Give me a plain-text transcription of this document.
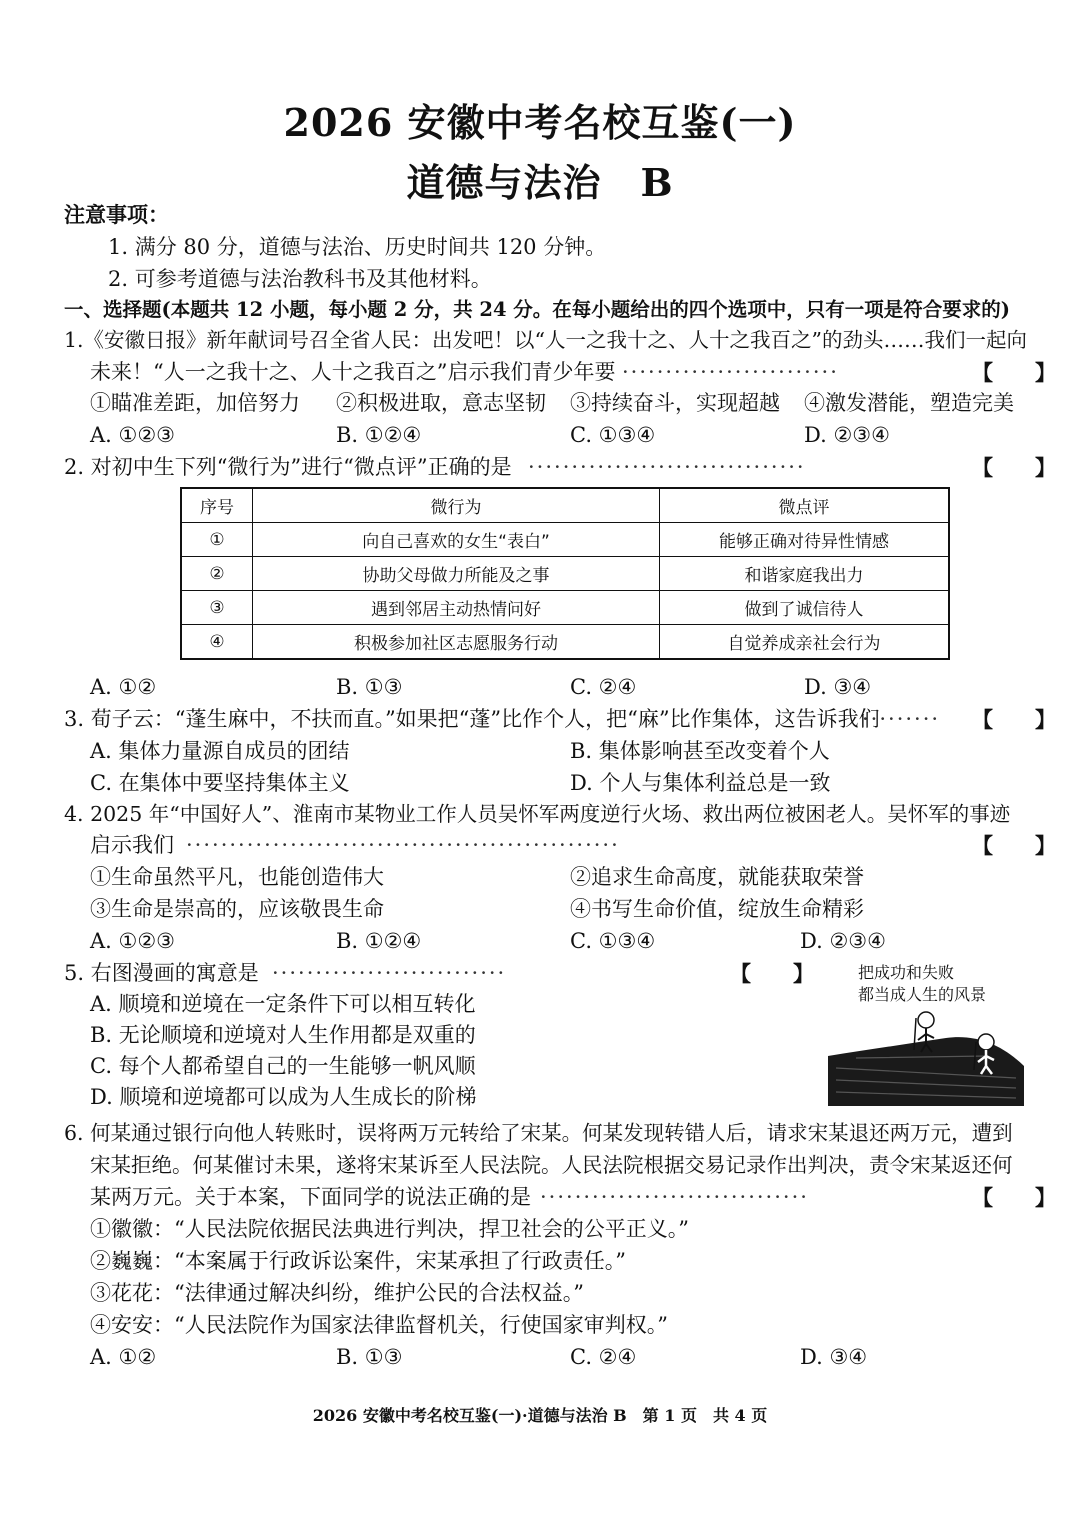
2026 安徽中考名校互鉴(一)
道德与法治　B
注意事项：
1. 满分 80 分，道德与法治、历史时间共 120 分钟。
2. 可参考道德与法治教科书及其他材料。
一、选择题(本题共 12 小题，每小题 2 分，共 24 分。在每小题给出的四个选项中，只有一项是符合要求的)
1.《安徽日报》新年献词号召全省人民：出发吧！以“人一之我十之、人十之我百之”的劲头……我们一起向
未来！“人一之我十之、人十之我百之”启示我们青少年要 ·························	【　　】
①瞄准差距，加倍努力 ②积极进取，意志坚韧 ③持续奋斗，实现超越 ④激发潜能，塑造完美
A. ①②③	B. ①②④	C. ①③④	D. ②③④
2. 对初中生下列“微行为”进行“微点评”正确的是 ································	【　　】
序号	微行为	微点评
①	向自己喜欢的女生“表白”	能够正确对待异性情感
②	协助父母做力所能及之事	和谐家庭我出力
③	遇到邻居主动热情问好	做到了诚信待人
④	积极参加社区志愿服务行动	自觉养成亲社会行为
A. ①②	B. ①③	C. ②④	D. ③④
3. 荀子云：“蓬生麻中，不扶而直。”如果把“蓬”比作个人，把“麻”比作集体，这告诉我们
········· 【　　】
A. 集体力量源自成员的团结	B. 集体影响甚至改变着个人
C. 在集体中要坚持集体主义	D. 个人与集体利益总是一致
4. 2025 年“中国好人”、淮南市某物业工作人员吴怀军两度逆行火场、救出两位被困老人。吴怀军的事迹
启示我们 ··················································	【　　】
①生命虽然平凡，也能创造伟大	②追求生命高度，就能获取荣誉
③生命是崇高的，应该敬畏生命	④书写生命价值，绽放生命精彩
A. ①②③	B. ①②④	C. ①③④	D. ②③④
5. 右图漫画的寓意是 ···························	【　　】
A. 顺境和逆境在一定条件下可以相互转化
B. 无论顺境和逆境对人生作用都是双重的
C. 每个人都希望自己的一生能够一帆风顺
D. 顺境和逆境都可以成为人生成长的阶梯
把成功和失败
都当成人生的风景
6. 何某通过银行向他人转账时，误将两万元转给了宋某。何某发现转错人后，请求宋某退还两万元，遭到
宋某拒绝。何某催讨未果，遂将宋某诉至人民法院。人民法院根据交易记录作出判决，责令宋某返还何
某两万元。关于本案，下面同学的说法正确的是 ·······························	【　　】
①徽徽：“人民法院依据民法典进行判决，捍卫社会的公平正义。”
②巍巍：“本案属于行政诉讼案件，宋某承担了行政责任。”
③花花：“法律通过解决纠纷，维护公民的合法权益。”
④安安：“人民法院作为国家法律监督机关，行使国家审判权。”
A. ①②	B. ①③	C. ②④	D. ③④
2026 安徽中考名校互鉴(一)·道德与法治 B　第 1 页　共 4 页
